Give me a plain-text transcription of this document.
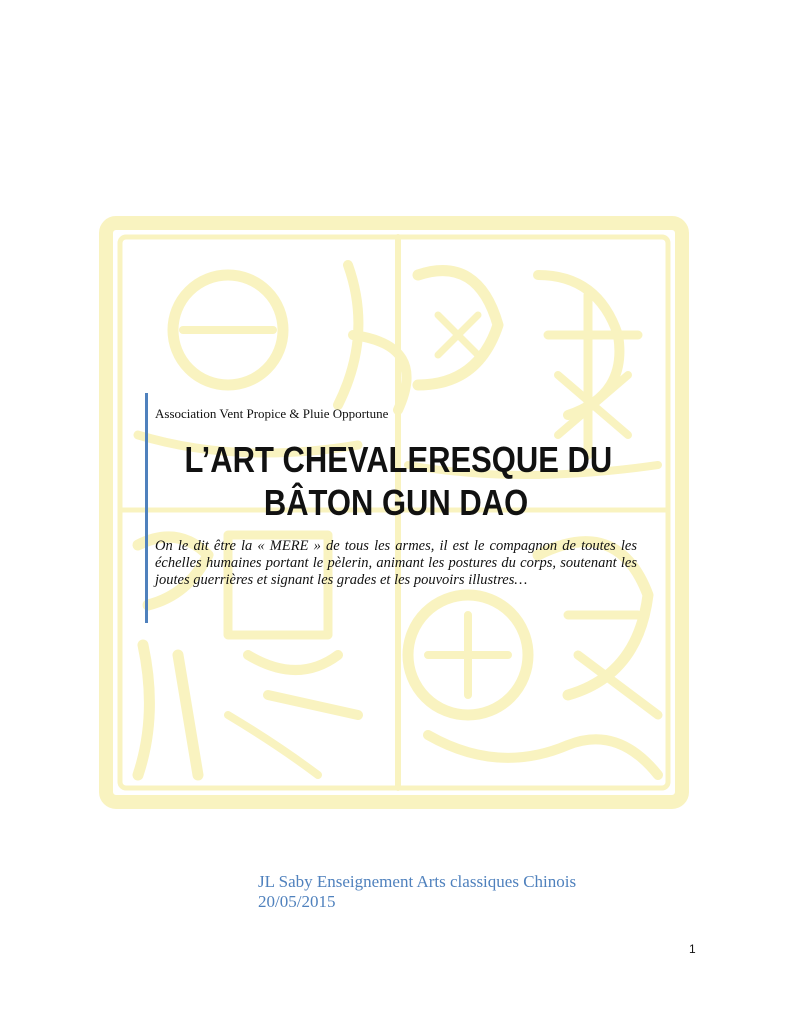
Association Vent Propice & Pluie Opportune
L’ART CHEVALERESQUE DU
BÂTON GUN DAO
On le dit être la « MERE » de tous les armes, il est le compagnon de toutes les échelles humaines portant le pèlerin, animant les postures du corps, soutenant les joutes guerrières et signant les grades et les pouvoirs illustres…
JL Saby Enseignement Arts classiques Chinois
20/05/2015
1
